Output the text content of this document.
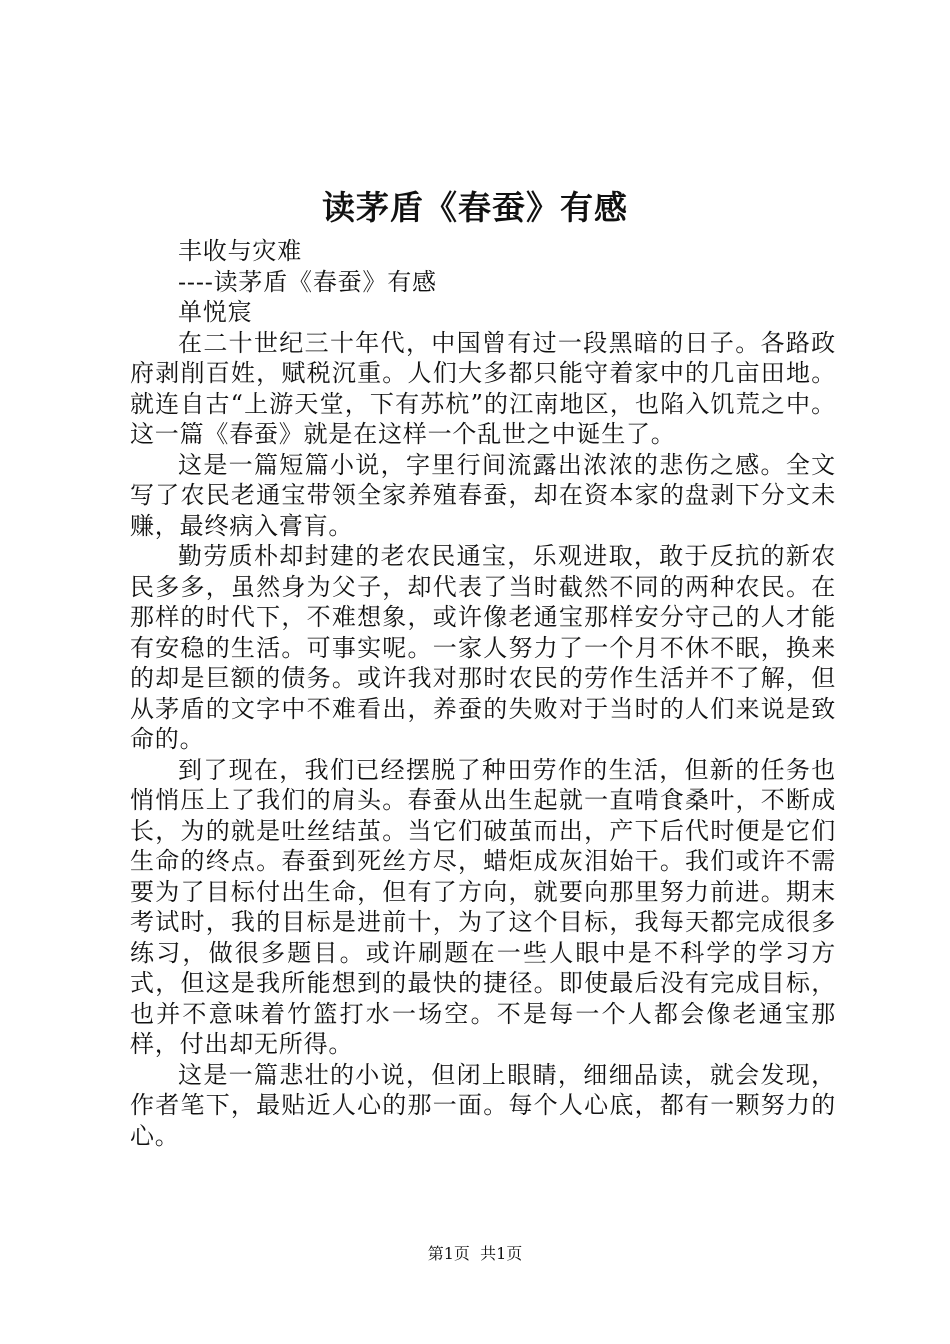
读茅盾《春蚕》有感

丰收与灾难

----读茅盾《春蚕》有感

单悦宸

在二十世纪三十年代，中国曾有过一段黑暗的日子。各路政府剥削百姓，赋税沉重。人们大多都只能守着家中的几亩田地。就连自古“上游天堂，下有苏杭”的江南地区，也陷入饥荒之中。这一篇《春蚕》就是在这样一个乱世之中诞生了。

这是一篇短篇小说，字里行间流露出浓浓的悲伤之感。全文写了农民老通宝带领全家养殖春蚕，却在资本家的盘剥下分文未赚，最终病入膏肓。

勤劳质朴却封建的老农民通宝，乐观进取，敢于反抗的新农民多多，虽然身为父子，却代表了当时截然不同的两种农民。在那样的时代下，不难想象，或许像老通宝那样安分守己的人才能有安稳的生活。可事实呢。一家人努力了一个月不休不眠，换来的却是巨额的债务。或许我对那时农民的劳作生活并不了解，但从茅盾的文字中不难看出，养蚕的失败对于当时的人们来说是致命的。

到了现在，我们已经摆脱了种田劳作的生活，但新的任务也悄悄压上了我们的肩头。春蚕从出生起就一直啃食桑叶，不断成长，为的就是吐丝结茧。当它们破茧而出，产下后代时便是它们生命的终点。春蚕到死丝方尽，蜡炬成灰泪始干。我们或许不需要为了目标付出生命，但有了方向，就要向那里努力前进。期末考试时，我的目标是进前十，为了这个目标，我每天都完成很多练习，做很多题目。或许刷题在一些人眼中是不科学的学习方式，但这是我所能想到的最快的捷径。即使最后没有完成目标，也并不意味着竹篮打水一场空。不是每一个人都会像老通宝那样，付出却无所得。

这是一篇悲壮的小说，但闭上眼睛，细细品读，就会发现，作者笔下，最贴近人心的那一面。每个人心底，都有一颗努力的心。

第1页  共1页
